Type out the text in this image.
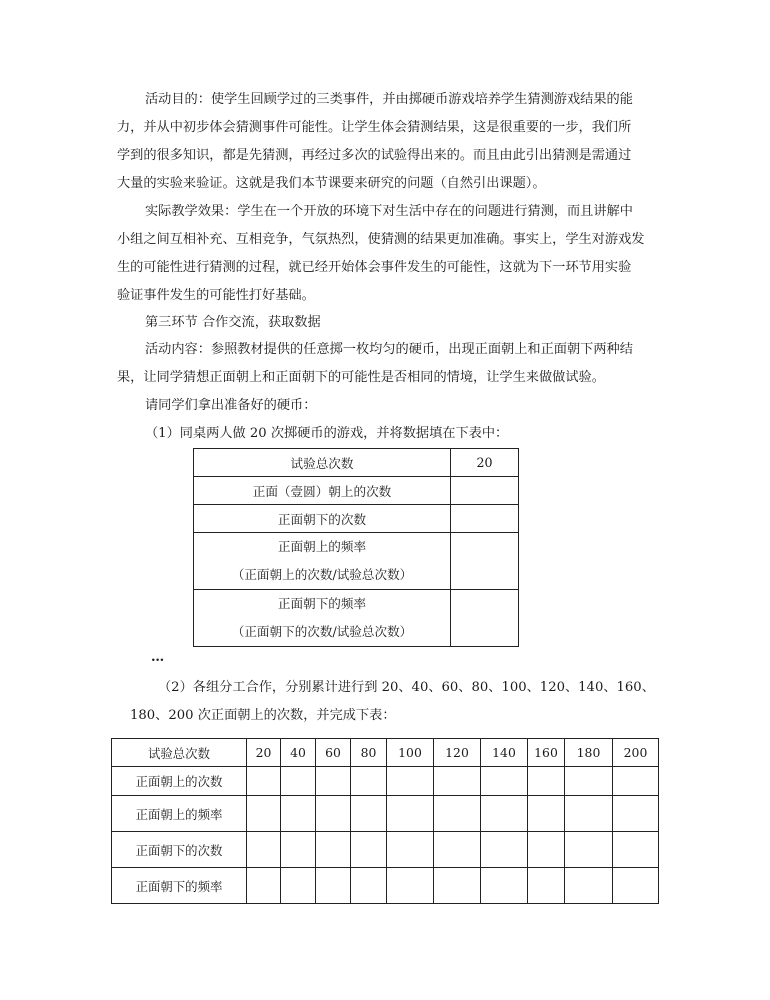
活动目的：使学生回顾学过的三类事件，并由掷硬币游戏培养学生猜测游戏结果的能
力，并从中初步体会猜测事件可能性。让学生体会猜测结果，这是很重要的一步，我们所
学到的很多知识，都是先猜测，再经过多次的试验得出来的。而且由此引出猜测是需通过
大量的实验来验证。这就是我们本节课要来研究的问题（自然引出课题）。
实际教学效果：学生在一个开放的环境下对生活中存在的问题进行猜测，而且讲解中
小组之间互相补充、互相竞争，气氛热烈，使猜测的结果更加准确。事实上，学生对游戏发
生的可能性进行猜测的过程，就已经开始体会事件发生的可能性，这就为下一环节用实验
验证事件发生的可能性打好基础。

第三环节 合作交流，获取数据

活动内容：参照教材提供的任意掷一枚均匀的硬币，出现正面朝上和正面朝下两种结
果，让同学猜想正面朝上和正面朝下的可能性是否相同的情境，让学生来做做试验。

请同学们拿出准备好的硬币：

（1）同桌两人做 20 次掷硬币的游戏，并将数据填在下表中：

试验总次数	20
正面（壹圆）朝上的次数	
正面朝下的次数	

正面朝上的频率
（正面朝上的次数/试验总次数）	

正面朝下的频率
（正面朝下的次数/试验总次数）	

…

（2）各组分工合作，分别累计进行到 20、40、60、80、100、120、140、160、

180、200 次正面朝上的次数，并完成下表：

试验总次数	20	40	60	80	100	120	140	160	180	200
正面朝上的次数										
正面朝上的频率										
正面朝下的次数										
正面朝下的频率										
